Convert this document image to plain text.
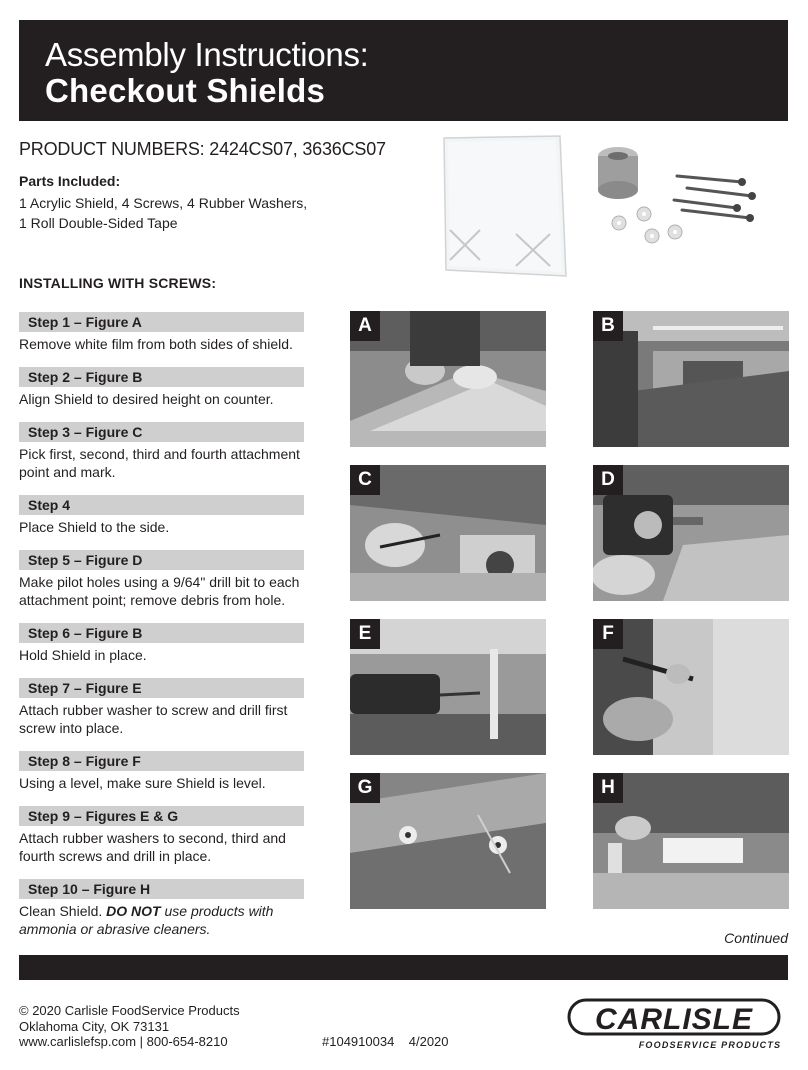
Assembly Instructions:
Checkout Shields
PRODUCT NUMBERS: 2424CS07, 3636CS07
Parts Included:
1 Acrylic Shield, 4 Screws, 4 Rubber Washers,
1 Roll Double-Sided Tape
INSTALLING WITH SCREWS:
Step 1 – Figure A
Remove white film from both sides of shield.
Step 2 – Figure B
Align Shield to desired height on counter.
Step 3 – Figure C
Pick first, second, third and fourth attachment point and mark.
Step 4
Place Shield to the side.
Step 5 – Figure D
Make pilot holes using a 9/64" drill bit to each attachment point; remove debris from hole.
Step 6 – Figure B
Hold Shield in place.
Step 7 – Figure E
Attach rubber washer to screw and drill first screw into place.
Step 8 – Figure F
Using a level, make sure Shield is level.
Step 9 – Figures E & G
Attach rubber washers to second, third and fourth screws and drill in place.
Step 10 – Figure H
Clean Shield. DO NOT use products with ammonia or abrasive cleaners.
A	B
C	D
E	F
G	H
Continued
© 2020 Carlisle FoodService Products
Oklahoma City, OK 73131
www.carlislefsp.com | 800-654-8210	#104910034    4/2020
CARLISLE
FOODSERVICE PRODUCTS
